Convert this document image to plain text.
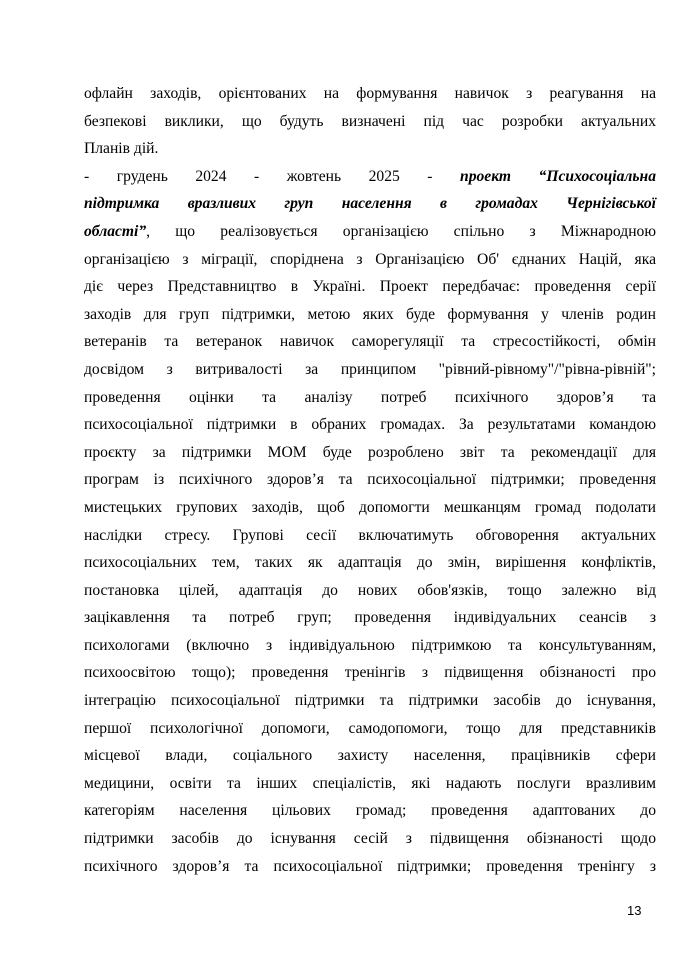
офлайн заходів, орієнтованих на формування навичок з реагування на
безпекові виклики, що будуть визначені під час розробки актуальних
Планів дій.
- грудень 2024 - жовтень 2025 - проект “Психосоціальна
підтримка вразливих груп населення в громадах Чернігівської
області”, що реалізовується організацією спільно з Міжнародною
організацією з міграції, споріднена з Організацією Об' єднаних Націй, яка
діє через Представництво в Україні. Проект передбачає: проведення серії
заходів для груп підтримки, метою яких буде формування у членів родин
ветеранів та ветеранок навичок саморегуляції та стресостійкості, обмін
досвідом з витривалості за принципом "рівний-рівному"/"рівна-рівній";
проведення оцінки та аналізу потреб психічного здоров’я та
психосоціальної підтримки в обраних громадах. За результатами командою
проєкту за підтримки МОМ буде розроблено звіт та рекомендації для
програм із психічного здоров’я та психосоціальної підтримки; проведення
мистецьких групових заходів, щоб допомогти мешканцям громад подолати
наслідки стресу. Групові сесії включатимуть обговорення актуальних
психосоціальних тем, таких як адаптація до змін, вирішення конфліктів,
постановка цілей, адаптація до нових обов'язків, тощо залежно від
зацікавлення та потреб груп; проведення індивідуальних сеансів з
психологами (включно з індивідуальною підтримкою та консультуванням,
психоосвітою тощо); проведення тренінгів з підвищення обізнаності про
інтеграцію психосоціальної підтримки та підтримки засобів до існування,
першої психологічної допомоги, самодопомоги, тощо для представників
місцевої влади, соціального захисту населення, працівників сфери
медицини, освіти та інших спеціалістів, які надають послуги вразливим
категоріям населення цільових громад; проведення адаптованих до
підтримки засобів до існування сесій з підвищення обізнаності щодо
психічного здоров’я та психосоціальної підтримки; проведення тренінгу з
13
